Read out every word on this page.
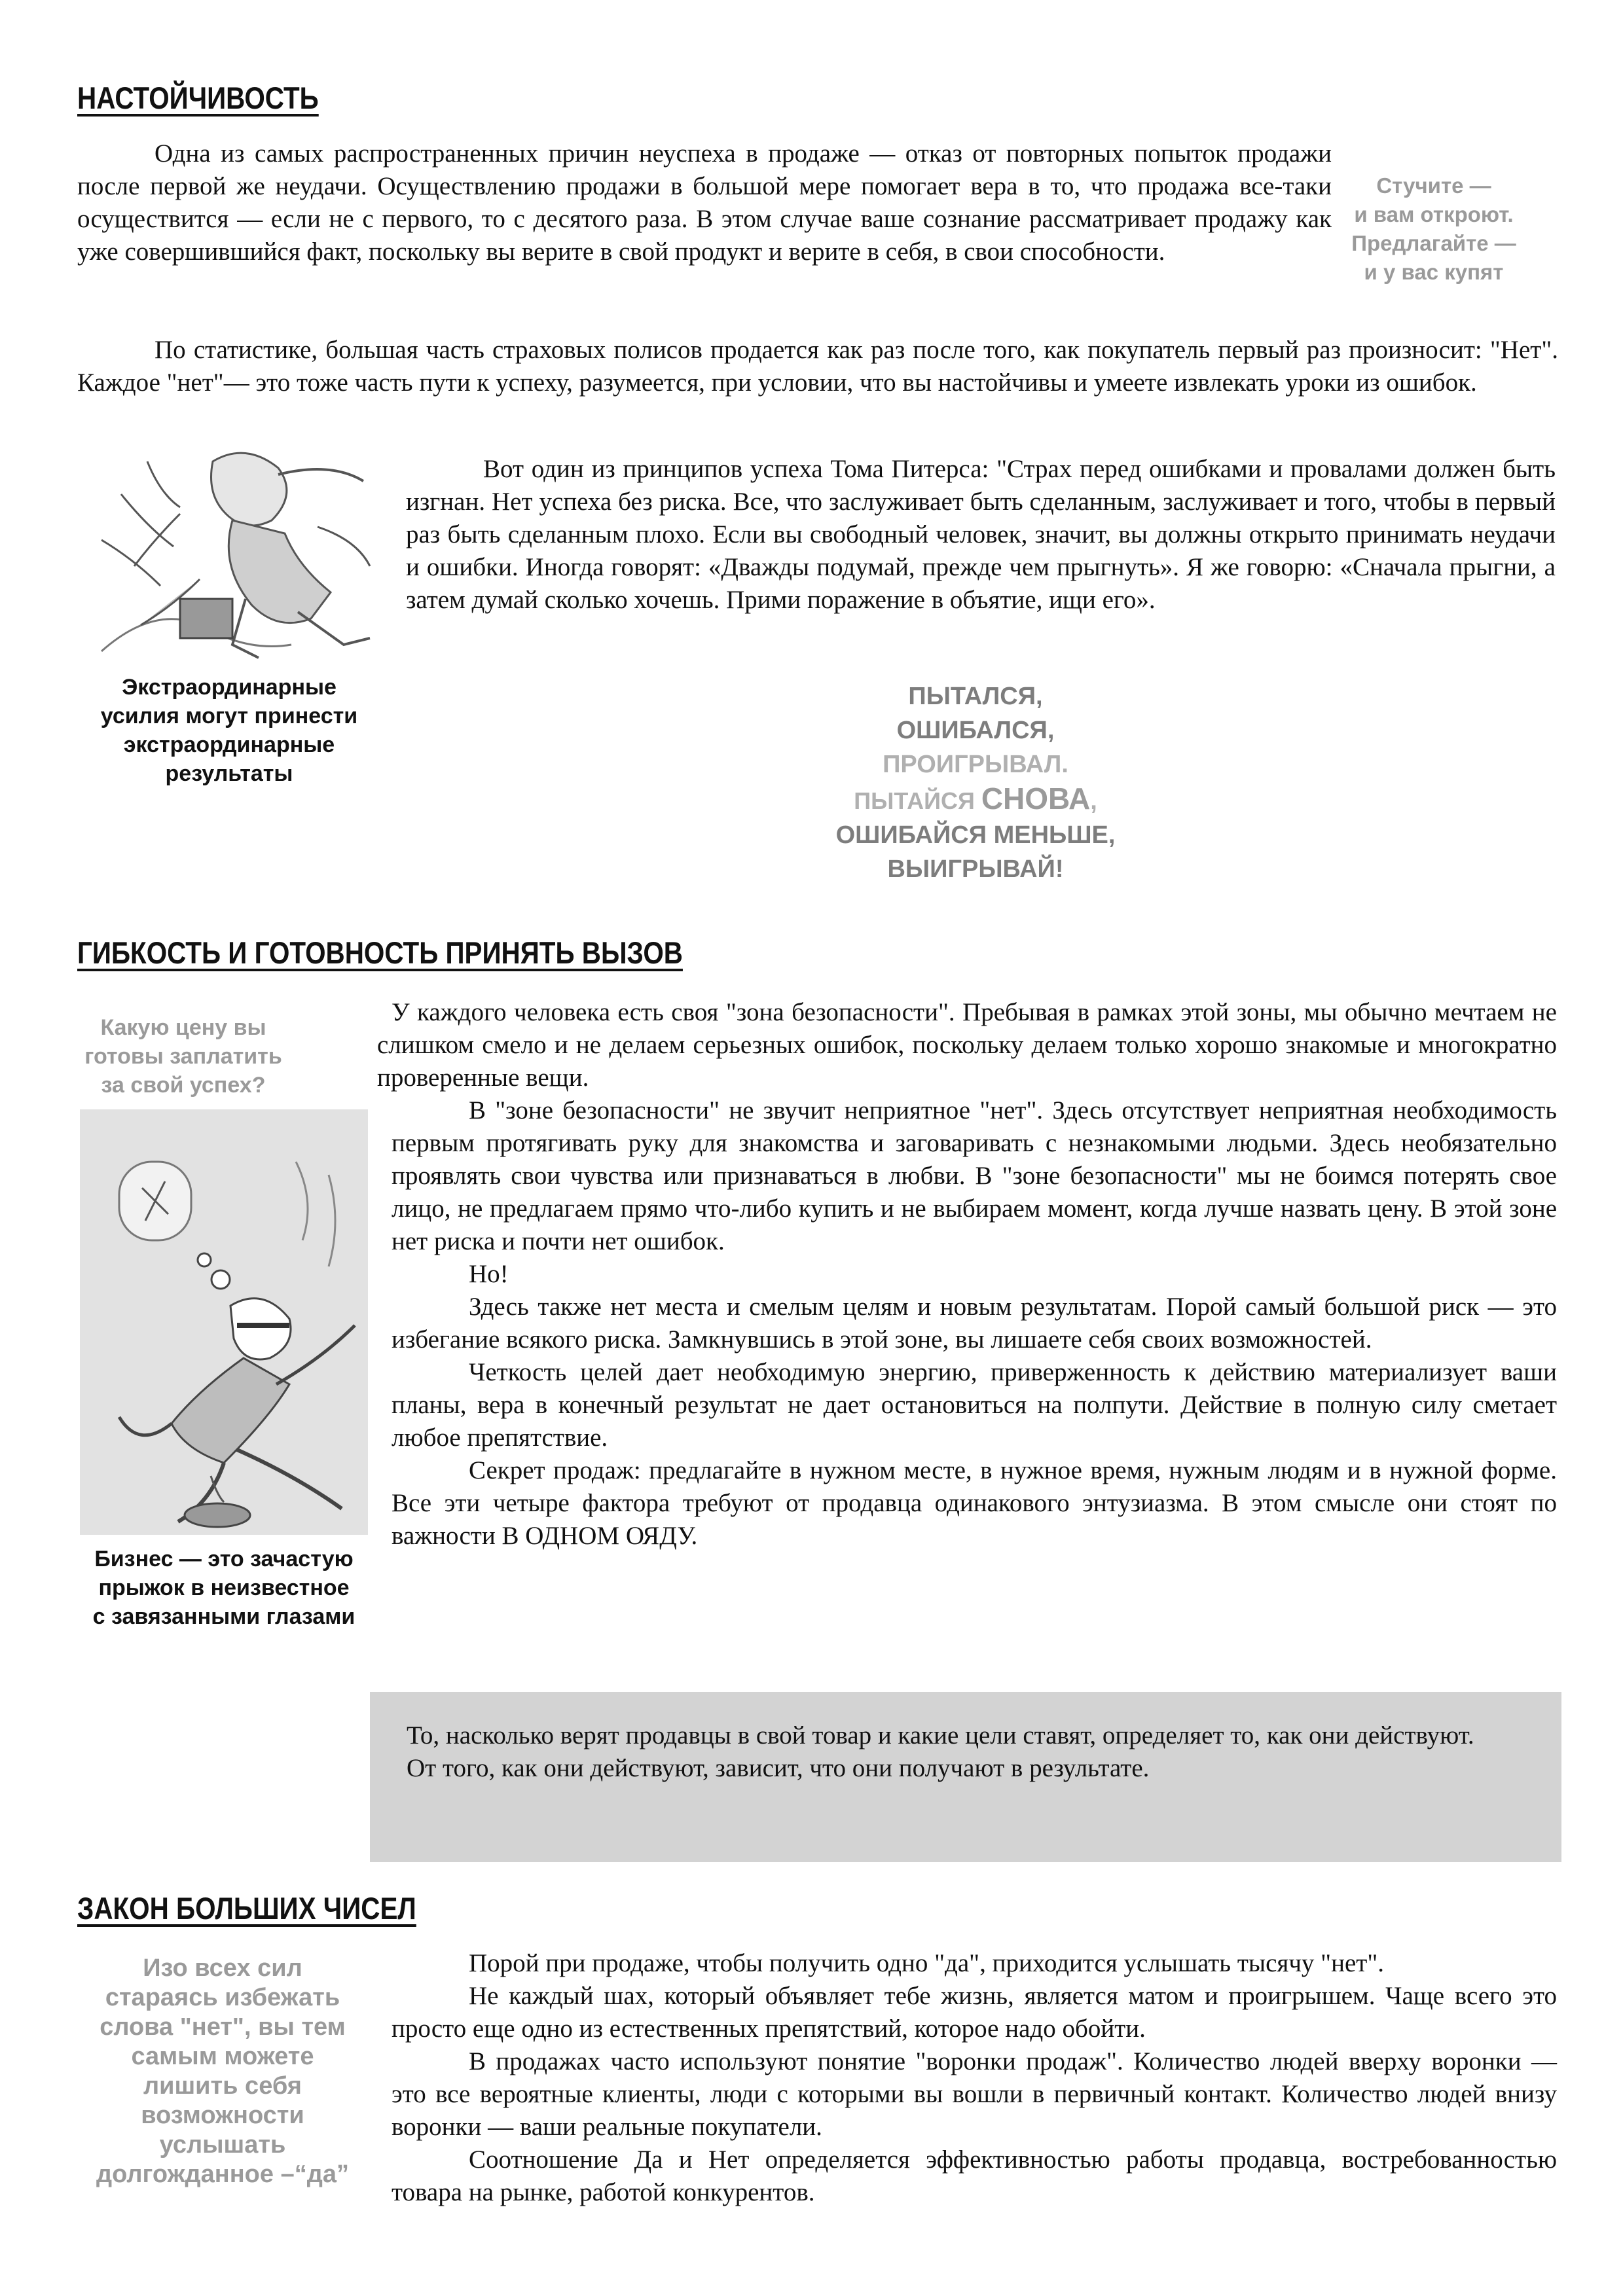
НАСТОЙЧИВОСТЬ

Одна из самых распространенных причин неуспеха в продаже — отказ от повторных попыток продажи после первой же неудачи. Осуществлению продажи в большой мере помогает вера в то, что продажа все-таки осуществится — если не с первого, то с десятого раза. В этом случае ваше сознание рассматривает продажу как уже совершившийся факт, поскольку вы верите в свой продукт и верите в себя, в свои способности.

Стучите —
и вам откроют.
Предлагайте —
и у вас купят

По статистике, большая часть страховых полисов продается как раз после того, как покупатель первый раз произносит: "Нет". Каждое "нет"— это тоже часть пути к успеху, разумеется, при условии, что вы настойчивы и умеете извлекать уроки из ошибок.

Экстраординарные
усилия могут принести
экстраординарные
результаты

Вот один из принципов успеха Тома Питерса: "Страх перед ошибками и провалами должен быть изгнан. Нет успеха без риска. Все, что заслуживает быть сделанным, заслуживает и того, чтобы в первый раз быть сделанным плохо. Если вы свободный человек, значит, вы должны открыто принимать неудачи и ошибки. Иногда говорят: «Дважды подумай, прежде чем прыгнуть». Я же говорю: «Сначала прыгни, а затем думай сколько хочешь. Прими поражение в объятие, ищи его».

ПЫТАЛСЯ,
ОШИБАЛСЯ,
ПРОИГРЫВАЛ.
ПЫТАЙСЯ СНОВА,
ОШИБАЙСЯ МЕНЬШЕ,
ВЫИГРЫВАЙ!
ГИБКОСТЬ И ГОТОВНОСТЬ ПРИНЯТЬ ВЫЗОВ
Какую цену вы
готовы заплатить
за свой успех?
Бизнес — это зачастую
прыжок в неизвестное
с завязанными глазами

У каждого человека есть своя "зона безопасности". Пребывая в рамках этой зоны, мы обычно мечтаем не слишком смело и не делаем серьезных ошибок, поскольку делаем только хорошо знакомые и многократно проверенные вещи.

В "зоне безопасности" не звучит неприятное "нет". Здесь отсутствует неприятная необходимость первым протягивать руку для знакомства и заговаривать с незнакомыми людьми. Здесь необязательно проявлять свои чувства или признаваться в любви. В "зоне безопасности" мы не боимся потерять свое лицо, не предлагаем прямо что-либо купить и не выбираем момент, когда лучше назвать цену. В этой зоне нет риска и почти нет ошибок.

Но!

Здесь также нет места и смелым целям и новым результатам. Порой самый большой риск — это избегание всякого риска. Замкнувшись в этой зоне, вы лишаете себя своих возможностей.

Четкость целей дает необходимую энергию, приверженность к действию материализует ваши планы, вера в конечный результат не дает остановиться на полпути. Действие в полную силу сметает любое препятствие.

Секрет продаж: предлагайте в нужном месте, в нужное время, нужным людям и в нужной форме. Все эти четыре фактора требуют от продавца одинакового энтузиазма. В этом смысле они стоят по важности В ОДНОМ ОЯДУ.

То, насколько верят продавцы в свой товар и какие цели ставят, определяет то, как они действуют.

От того, как они действуют, зависит, что они получают в результате.

ЗАКОН БОЛЬШИХ ЧИСЕЛ
Изо всех сил
стараясь избежать
слова "нет", вы тем
самым можете
лишить себя
возможности
услышать
долгожданное –“да”

Порой при продаже, чтобы получить одно "да", приходится услышать тысячу "нет".

Не каждый шах, который объявляет тебе жизнь, является матом и проигрышем. Чаще всего это просто еще одно из естественных препятствий, которое надо обойти.

В продажах часто используют понятие "воронки продаж". Количество людей вверху воронки — это все вероятные клиенты, люди с которыми вы вошли в первичный контакт. Количество людей внизу воронки — ваши реальные покупатели.

Соотношение Да и Нет определяется эффективностью работы продавца, востребованностью товара на рынке, работой конкурентов.
